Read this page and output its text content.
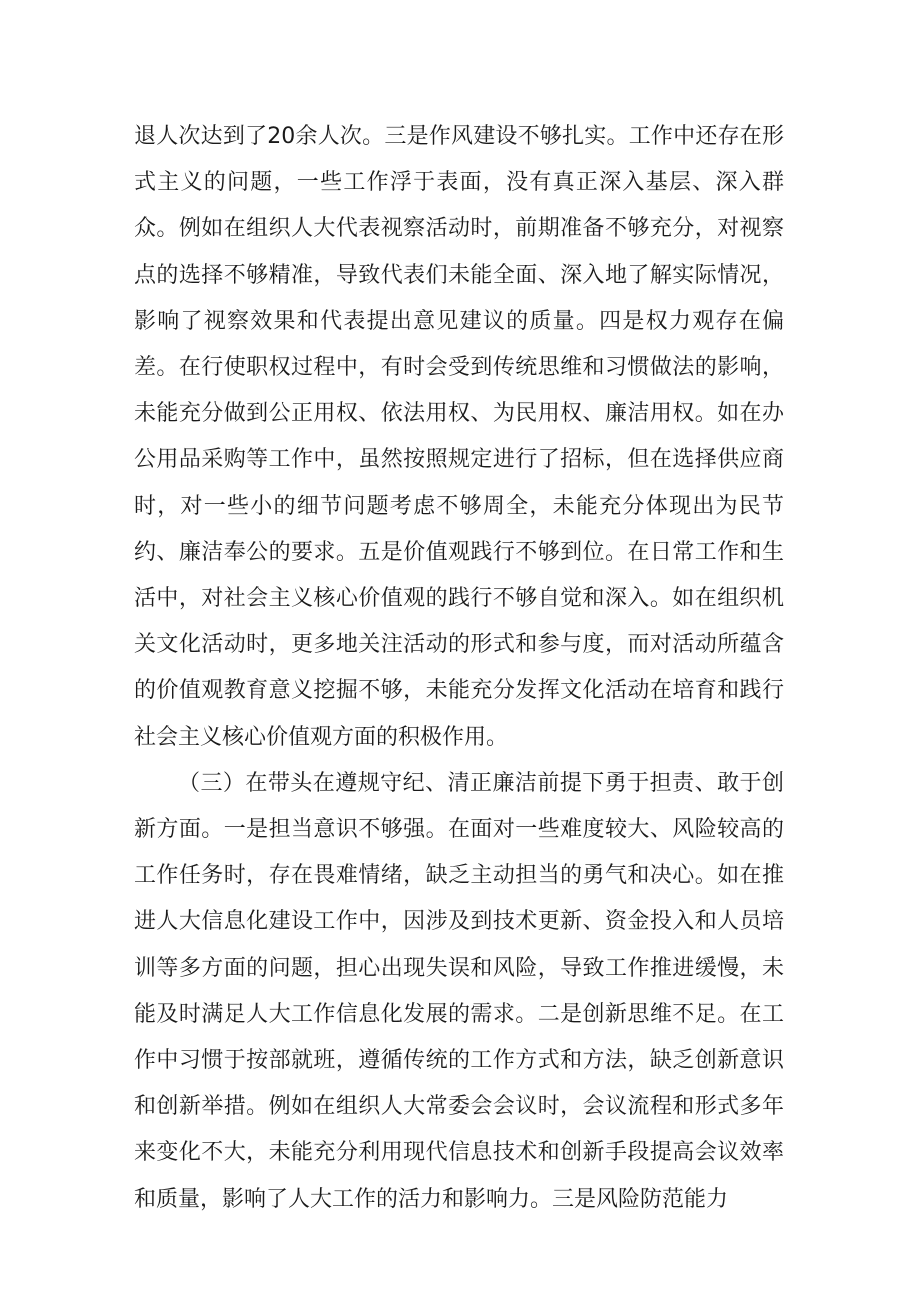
退人次达到了20余人次。三是作风建设不够扎实。工作中还存在形式主义的问题，一些工作浮于表面，没有真正深入基层、深入群众。例如在组织人大代表视察活动时，前期准备不够充分，对视察点的选择不够精准，导致代表们未能全面、深入地了解实际情况，影响了视察效果和代表提出意见建议的质量。四是权力观存在偏差。在行使职权过程中，有时会受到传统思维和习惯做法的影响，未能充分做到公正用权、依法用权、为民用权、廉洁用权。如在办公用品采购等工作中，虽然按照规定进行了招标，但在选择供应商时，对一些小的细节问题考虑不够周全，未能充分体现出为民节约、廉洁奉公的要求。五是价值观践行不够到位。在日常工作和生活中，对社会主义核心价值观的践行不够自觉和深入。如在组织机关文化活动时，更多地关注活动的形式和参与度，而对活动所蕴含的价值观教育意义挖掘不够，未能充分发挥文化活动在培育和践行社会主义核心价值观方面的积极作用。

（三）在带头在遵规守纪、清正廉洁前提下勇于担责、敢于创新方面。一是担当意识不够强。在面对一些难度较大、风险较高的工作任务时，存在畏难情绪，缺乏主动担当的勇气和决心。如在推进人大信息化建设工作中，因涉及到技术更新、资金投入和人员培训等多方面的问题，担心出现失误和风险，导致工作推进缓慢，未能及时满足人大工作信息化发展的需求。二是创新思维不足。在工作中习惯于按部就班，遵循传统的工作方式和方法，缺乏创新意识和创新举措。例如在组织人大常委会会议时，会议流程和形式多年来变化不大，未能充分利用现代信息技术和创新手段提高会议效率和质量，影响了人大工作的活力和影响力。三是风险防范能力
